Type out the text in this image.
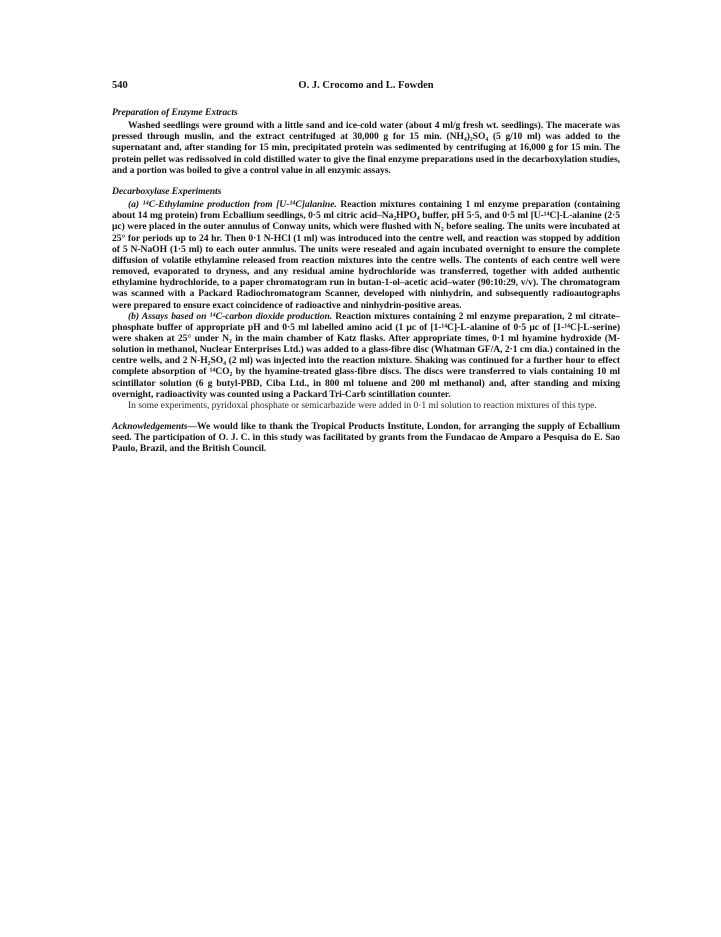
540	O. J. Crocomo and L. Fowden
Preparation of Enzyme Extracts

Washed seedlings were ground with a little sand and ice-cold water (about 4 ml/g fresh wt. seedlings). The macerate was pressed through muslin, and the extract centrifuged at 30,000 g for 15 min. (NH₄)₂SO₄ (5 g/10 ml) was added to the supernatant and, after standing for 15 min, precipitated protein was sedimented by centrifuging at 16,000 g for 15 min. The protein pellet was redissolved in cold distilled water to give the final enzyme preparations used in the decarboxylation studies, and a portion was boiled to give a control value in all enzymic assays.

Decarboxylase Experiments

(a) ¹⁴C-Ethylamine production from [U-¹⁴C]alanine. Reaction mixtures containing 1 ml enzyme preparation (containing about 14 mg protein) from Ecballium seedlings, 0·5 ml citric acid–Na₂HPO₄ buffer, pH 5·5, and 0·5 ml [U-¹⁴C]-L-alanine (2·5 μc) were placed in the outer annulus of Conway units, which were flushed with N₂ before sealing. The units were incubated at 25° for periods up to 24 hr. Then 0·1 N-HCl (1 ml) was introduced into the centre well, and reaction was stopped by addition of 5 N-NaOH (1·5 ml) to each outer annulus. The units were resealed and again incubated overnight to ensure the complete diffusion of volatile ethylamine released from reaction mixtures into the centre wells. The contents of each centre well were removed, evaporated to dryness, and any residual amine hydrochloride was transferred, together with added authentic ethylamine hydrochloride, to a paper chromatogram run in butan-1-ol–acetic acid–water (90:10:29, v/v). The chromatogram was scanned with a Packard Radiochromatogram Scanner, developed with ninhydrin, and subsequently radioautographs were prepared to ensure exact coincidence of radioactive and ninhydrin-positive areas.

(b) Assays based on ¹⁴C-carbon dioxide production. Reaction mixtures containing 2 ml enzyme preparation, 2 ml citrate–phosphate buffer of appropriate pH and 0·5 ml labelled amino acid (1 μc of [1-¹⁴C]-L-alanine of 0·5 μc of [1-¹⁴C]-L-serine) were shaken at 25° under N₂ in the main chamber of Katz flasks. After appropriate times, 0·1 ml hyamine hydroxide (M-solution in methanol, Nuclear Enterprises Ltd.) was added to a glass-fibre disc (Whatman GF/A, 2·1 cm dia.) contained in the centre wells, and 2 N-H₂SO₄ (2 ml) was injected into the reaction mixture. Shaking was continued for a further hour to effect complete absorption of ¹⁴CO₂ by the hyamine-treated glass-fibre discs. The discs were transferred to vials containing 10 ml scintillator solution (6 g butyl-PBD, Ciba Ltd., in 800 ml toluene and 200 ml methanol) and, after standing and mixing overnight, radioactivity was counted using a Packard Tri-Carb scintillation counter.

In some experiments, pyridoxal phosphate or semicarbazide were added in 0·1 ml solution to reaction mixtures of this type.

Acknowledgements—We would like to thank the Tropical Products Institute, London, for arranging the supply of Ecballium seed. The participation of O. J. C. in this study was facilitated by grants from the Fundacao de Amparo a Pesquisa do E. Sao Paulo, Brazil, and the British Council.
